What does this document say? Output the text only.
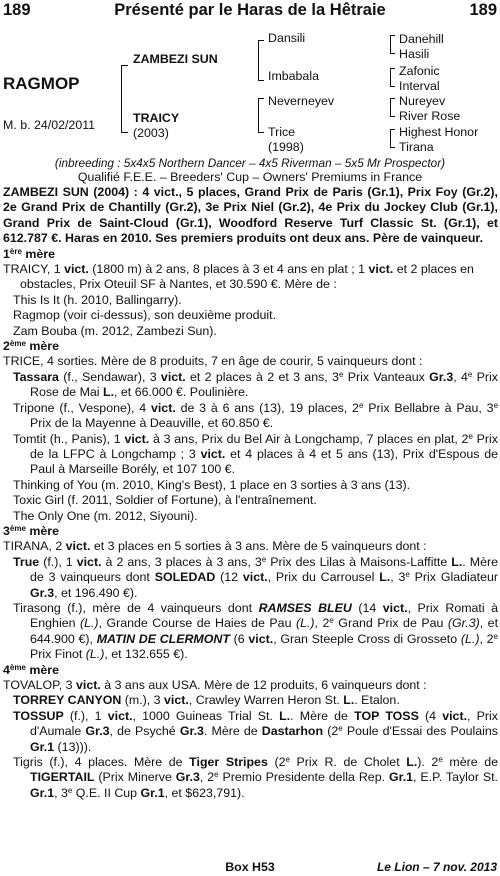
189	Présenté par le Haras de la Hêtraie	189
RAGMOP
M. b. 24/02/2011
ZAMBEZI SUN
TRAICY
(2003)
Dansili
Imbabala
Neverneyev
Trice
(1998)
Danehill
Hasili
Zafonic
Interval
Nureyev
River Rose
Highest Honor
Tirana
(inbreeding : 5x4x5 Northern Dancer – 4x5 Riverman – 5x5 Mr Prospector)
Qualifié F.E.E. – Breeders' Cup – Owners' Premiums in France
ZAMBEZI SUN (2004) : 4 vict., 5 places, Grand Prix de Paris (Gr.1), Prix Foy (Gr.2), 2e Grand Prix de Chantilly (Gr.2), 3e Prix Niel (Gr.2), 4e Prix du Jockey Club (Gr.1), Grand Prix de Saint-Cloud (Gr.1), Woodford Reserve Turf Classic St. (Gr.1), et 612.787 €. Haras en 2010. Ses premiers produits ont deux ans. Père de vainqueur.
1ère mère
TRAICY, 1 vict. (1800 m) à 2 ans, 8 places à 3 et 4 ans en plat ; 1 vict. et 2 places en obstacles, Prix Oteuil SF à Nantes, et 30.590 €. Mère de :
This Is It (h. 2010, Ballingarry).
Ragmop (voir ci-dessus), son deuxième produit.
Zam Bouba (m. 2012, Zambezi Sun).
2ème mère
TRICE, 4 sorties. Mère de 8 produits, 7 en âge de courir, 5 vainqueurs dont :
Tassara (f., Sendawar), 3 vict. et 2 places à 2 et 3 ans, 3e Prix Vanteaux Gr.3, 4e Prix Rose de Mai L., et 66.000 €. Poulinière.
Tripone (f., Vespone), 4 vict. de 3 à 6 ans (13), 19 places, 2e Prix Bellabre à Pau, 3e Prix de la Mayenne à Deauville, et 60.850 €.
Tomtit (h., Panis), 1 vict. à 3 ans, Prix du Bel Air à Longchamp, 7 places en plat, 2e Prix de la LFPC à Longchamp ; 3 vict. et 4 places à 4 et 5 ans (13), Prix d'Espous de Paul à Marseille Borély, et 107 100 €.
Thinking of You (m. 2010, King's Best), 1 place en 3 sorties à 3 ans (13).
Toxic Girl (f. 2011, Soldier of Fortune), à l'entraînement.
The Only One (m. 2012, Siyouni).
3ème mère
TIRANA, 2 vict. et 3 places en 5 sorties à 3 ans. Mère de 5 vainqueurs dont :
True (f.), 1 vict. à 2 ans, 3 places à 3 ans, 3e Prix des Lilas à Maisons-Laffitte L.. Mère de 3 vainqueurs dont SOLEDAD (12 vict., Prix du Carrousel L., 3e Prix Gladiateur Gr.3, et 196.490 €).
Tirasong (f.), mère de 4 vainqueurs dont RAMSES BLEU (14 vict., Prix Romati à Enghien (L.), Grande Course de Haies de Pau (L.), 2e Grand Prix de Pau (Gr.3), et 644.900 €), MATIN DE CLERMONT (6 vict., Gran Steeple Cross di Grosseto (L.), 2e Prix Finot (L.), et 132.655 €).
4ème mère
TOVALOP, 3 vict. à 3 ans aux USA. Mère de 12 produits, 6 vainqueurs dont :
TORREY CANYON (m.), 3 vict., Crawley Warren Heron St. L.. Etalon.
TOSSUP (f.), 1 vict., 1000 Guineas Trial St. L.. Mère de TOP TOSS (4 vict., Prix d'Aumale Gr.3, de Psyché Gr.3. Mère de Dastarhon (2e Poule d'Essai des Poulains Gr.1 (13))).
Tigris (f.), 4 places. Mère de Tiger Stripes (2e Prix R. de Cholet L.). 2e mère de TIGERTAIL (Prix Minerve Gr.3, 2e Premio Presidente della Rep. Gr.1, E.P. Taylor St. Gr.1, 3e Q.E. II Cup Gr.1, et $623,791).
Box H53	Le Lion – 7 nov. 2013
